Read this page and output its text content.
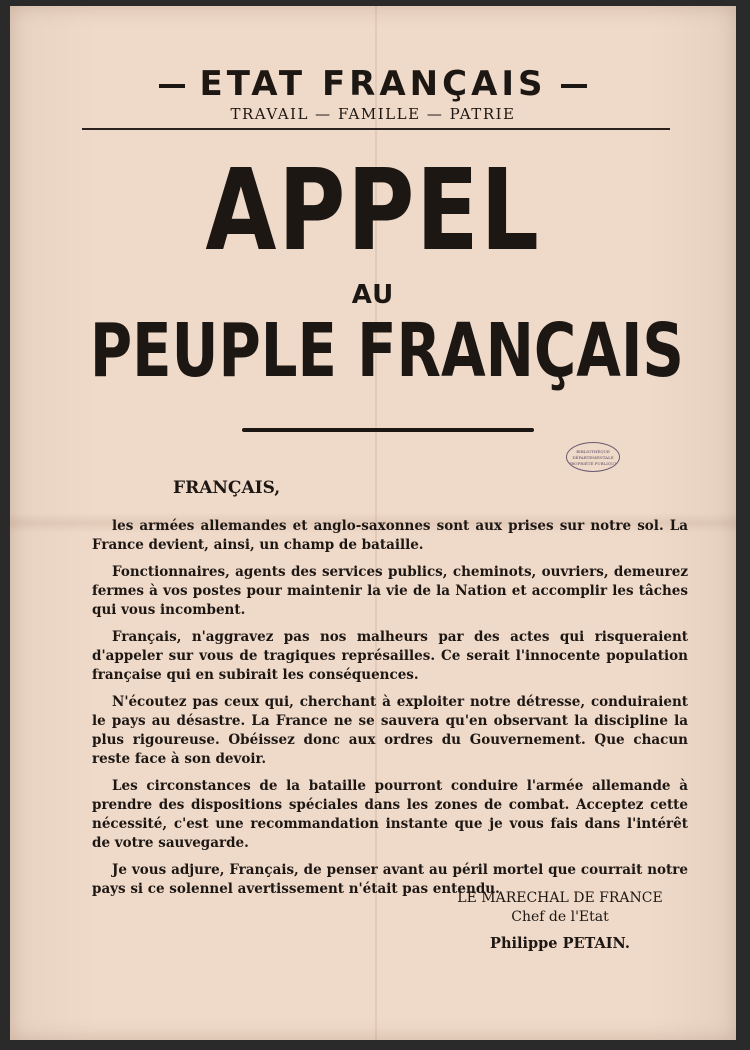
ETAT FRANÇAIS
TRAVAIL — FAMILLE — PATRIE
APPEL
AU
PEUPLE FRANÇAIS
BIBLIOTHÈQUE DÉPARTEMENTALE PROPRIÉTÉ PUBLIQUE
FRANÇAIS,

les armées allemandes et anglo-saxonnes sont aux prises sur notre sol. La France devient, ainsi, un champ de bataille.

Fonctionnaires, agents des services publics, cheminots, ouvriers, demeurez fermes à vos postes pour maintenir la vie de la Nation et accomplir les tâches qui vous incombent.

Français, n'aggravez pas nos malheurs par des actes qui risqueraient d'appeler sur vous de tragiques représailles. Ce serait l'innocente population française qui en subirait les conséquences.

N'écoutez pas ceux qui, cherchant à exploiter notre détresse, conduiraient le pays au désastre. La France ne se sauvera qu'en observant la discipline la plus rigoureuse. Obéissez donc aux ordres du Gouvernement. Que chacun reste face à son devoir.

Les circonstances de la bataille pourront conduire l'armée allemande à prendre des dispositions spéciales dans les zones de combat. Acceptez cette nécessité, c'est une recommandation instante que je vous fais dans l'intérêt de votre sauvegarde.

Je vous adjure, Français, de penser avant au péril mortel que courrait notre pays si ce solennel avertissement n'était pas entendu.

LE MARECHAL DE FRANCE
Chef de l'Etat
Philippe PETAIN.
